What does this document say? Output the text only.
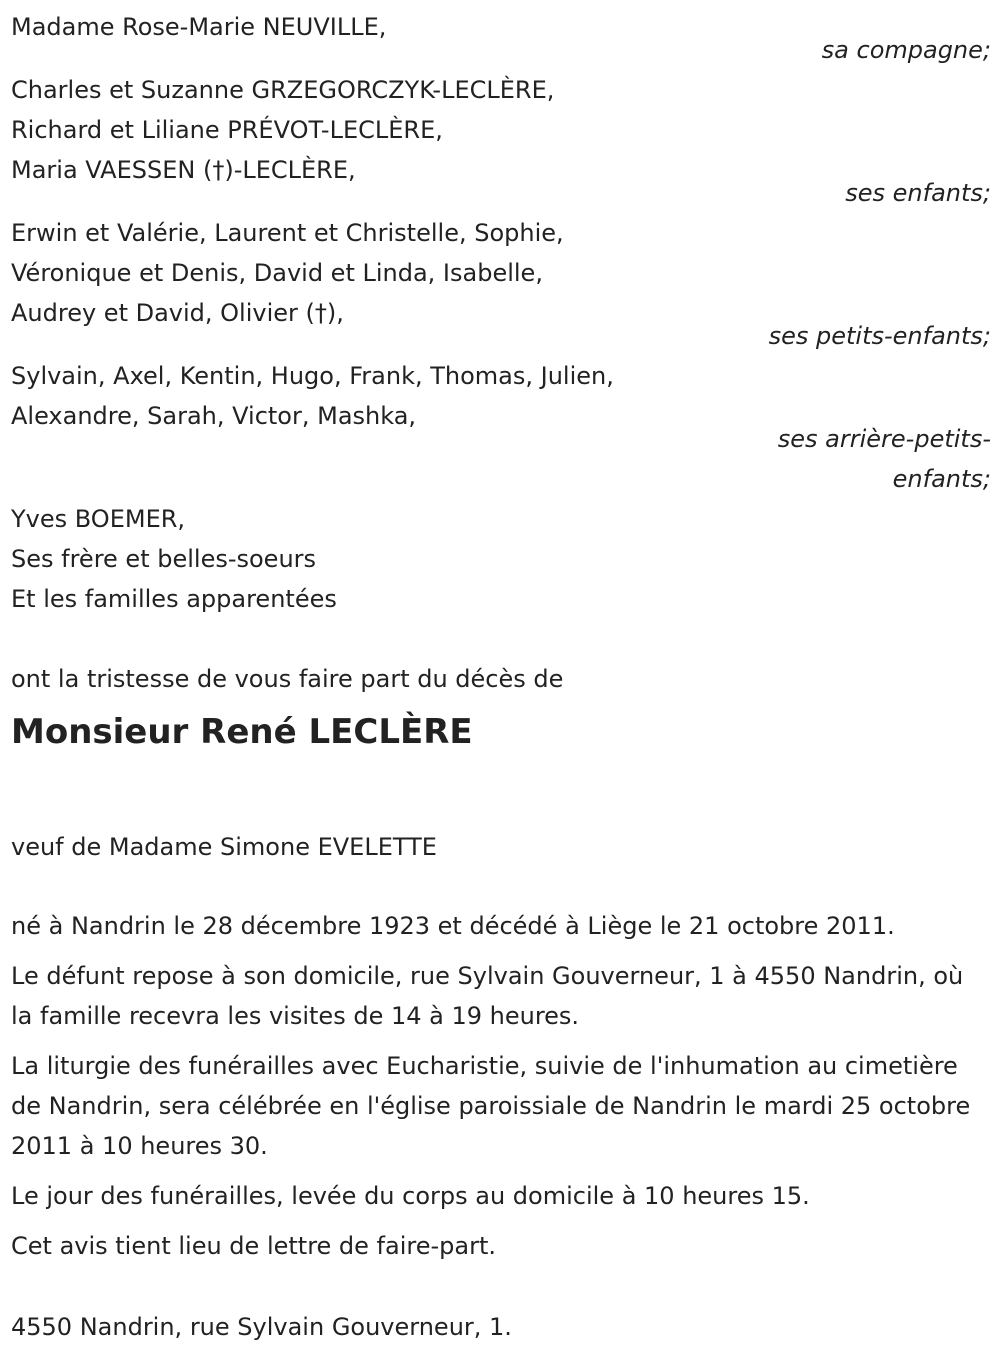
Madame Rose-Marie NEUVILLE,
sa compagne;
Charles et Suzanne GRZEGORCZYK-LECLÈRE,
Richard et Liliane PRÉVOT-LECLÈRE,
Maria VAESSEN (†)-LECLÈRE,
ses enfants;
Erwin et Valérie, Laurent et Christelle, Sophie,
Véronique et Denis, David et Linda, Isabelle,
Audrey et David, Olivier (†),
ses petits-enfants;
Sylvain, Axel, Kentin, Hugo, Frank, Thomas, Julien,
Alexandre, Sarah, Victor, Mashka,
ses arrière-petits-enfants;
Yves BOEMER,
Ses frère et belles-soeurs
Et les familles apparentées
ont la tristesse de vous faire part du décès de
Monsieur René LECLÈRE
veuf de Madame Simone EVELETTE
né à Nandrin le 28 décembre 1923 et décédé à Liège le 21 octobre 2011.
Le défunt repose à son domicile, rue Sylvain Gouverneur, 1 à 4550 Nandrin, où la famille recevra les visites de 14 à 19 heures.
La liturgie des funérailles avec Eucharistie, suivie de l'inhumation au cimetière de Nandrin, sera célébrée en l'église paroissiale de Nandrin le mardi 25 octobre 2011 à 10 heures 30.
Le jour des funérailles, levée du corps au domicile à 10 heures 15.
Cet avis tient lieu de lettre de faire-part.
4550 Nandrin, rue Sylvain Gouverneur, 1.
